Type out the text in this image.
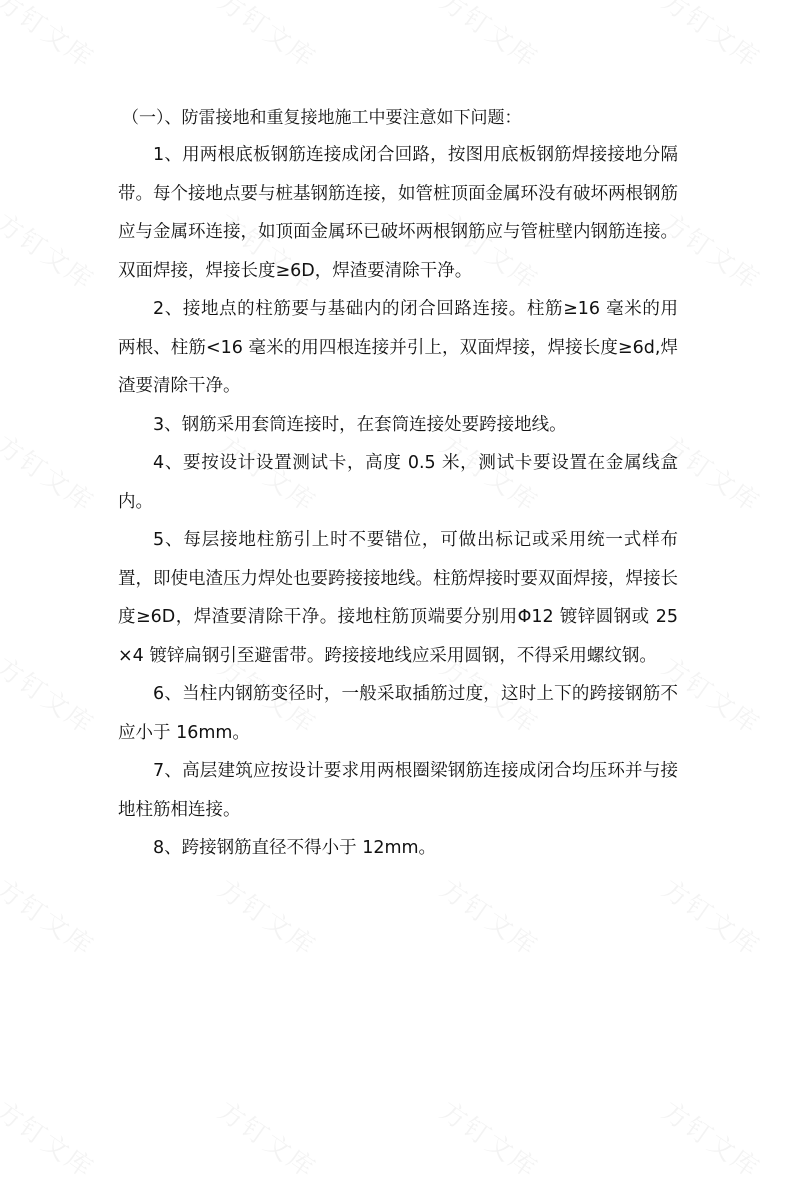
（一）、防雷接地和重复接地施工中要注意如下问题：

1、用两根底板钢筋连接成闭合回路，按图用底板钢筋焊接接地分隔带。每个接地点要与桩基钢筋连接，如管桩顶面金属环没有破坏两根钢筋应与金属环连接，如顶面金属环已破坏两根钢筋应与管桩壁内钢筋连接。双面焊接，焊接长度≥6D，焊渣要清除干净。

2、接地点的柱筋要与基础内的闭合回路连接。柱筋≥16 毫米的用两根、柱筋<16 毫米的用四根连接并引上，双面焊接，焊接长度≥6d,焊渣要清除干净。

3、钢筋采用套筒连接时，在套筒连接处要跨接地线。

4、要按设计设置测试卡，高度 0.5 米，测试卡要设置在金属线盒内。

5、每层接地柱筋引上时不要错位，可做出标记或采用统一式样布置，即使电渣压力焊处也要跨接接地线。柱筋焊接时要双面焊接，焊接长度≥6D，焊渣要清除干净。接地柱筋顶端要分别用Φ12 镀锌圆钢或 25×4 镀锌扁钢引至避雷带。跨接接地线应采用圆钢，不得采用螺纹钢。

6、当柱内钢筋变径时，一般采取插筋过度，这时上下的跨接钢筋不应小于 16mm。

7、高层建筑应按设计要求用两根圈梁钢筋连接成闭合均压环并与接地柱筋相连接。

8、跨接钢筋直径不得小于 12mm。
